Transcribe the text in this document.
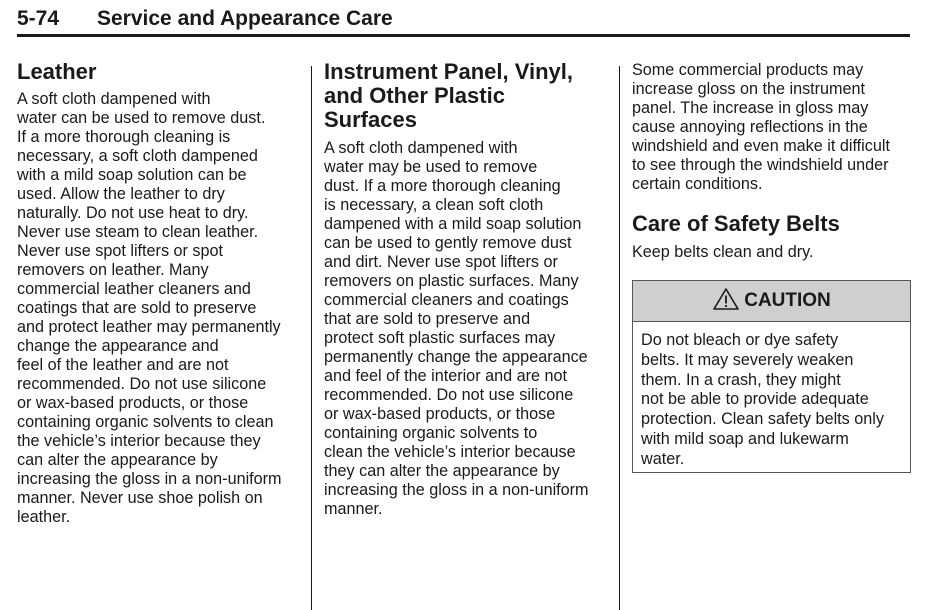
5-74 Service and Appearance Care
Leather

A soft cloth dampened with
water can be used to remove dust.
If a more thorough cleaning is
necessary, a soft cloth dampened
with a mild soap solution can be
used. Allow the leather to dry
naturally. Do not use heat to dry.
Never use steam to clean leather.
Never use spot lifters or spot
removers on leather. Many
commercial leather cleaners and
coatings that are sold to preserve
and protect leather may permanently
change the appearance and
feel of the leather and are not
recommended. Do not use silicone
or wax-based products, or those
containing organic solvents to clean
the vehicle’s interior because they
can alter the appearance by
increasing the gloss in a non-uniform
manner. Never use shoe polish on
leather.

Instrument Panel, Vinyl,
and Other Plastic
Surfaces

A soft cloth dampened with
water may be used to remove
dust. If a more thorough cleaning
is necessary, a clean soft cloth
dampened with a mild soap solution
can be used to gently remove dust
and dirt. Never use spot lifters or
removers on plastic surfaces. Many
commercial cleaners and coatings
that are sold to preserve and
protect soft plastic surfaces may
permanently change the appearance
and feel of the interior and are not
recommended. Do not use silicone
or wax-based products, or those
containing organic solvents to
clean the vehicle’s interior because
they can alter the appearance by
increasing the gloss in a non-uniform
manner.

Some commercial products may
increase gloss on the instrument
panel. The increase in gloss may
cause annoying reflections in the
windshield and even make it difficult
to see through the windshield under
certain conditions.

Care of Safety Belts

Keep belts clean and dry.

CAUTION
Do not bleach or dye safety
belts. It may severely weaken
them. In a crash, they might
not be able to provide adequate
protection. Clean safety belts only
with mild soap and lukewarm
water.
